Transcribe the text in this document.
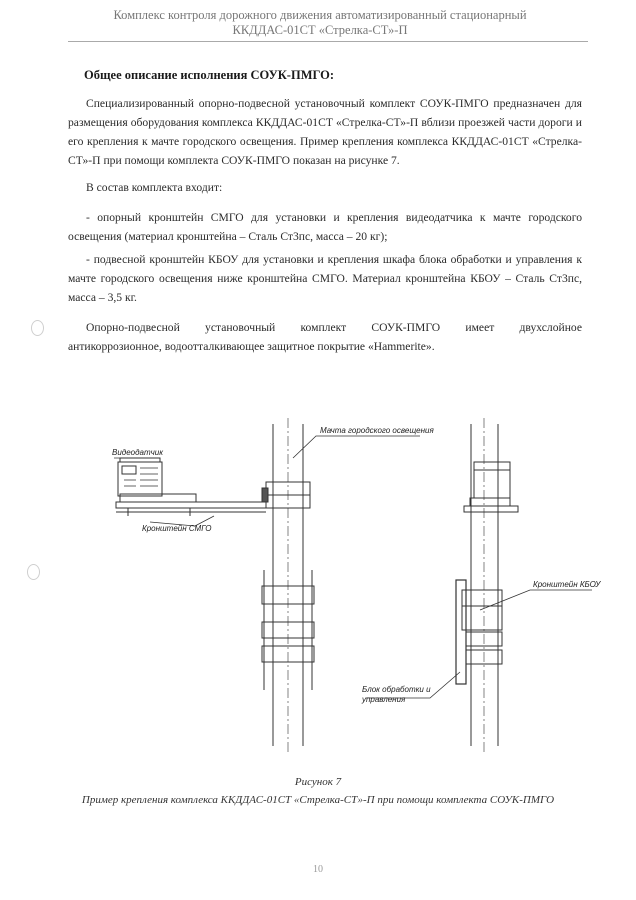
Комплекс контроля дорожного движения автоматизированный стационарный
ККДДАС-01СТ «Стрелка-СТ»-П
Общее описание исполнения СОУК-ПМГО:
Специализированный опорно-подвесной установочный комплект СОУК-ПМГО предназначен для размещения оборудования комплекса ККДДАС-01СТ «Стрелка-СТ»-П вблизи проезжей части дороги и его крепления к мачте городского освещения. Пример крепления комплекса ККДДАС-01СТ «Стрелка-СТ»-П при помощи комплекта СОУК-ПМГО показан на рисунке 7.
В состав комплекта входит:
- опорный кронштейн СМГО для установки и крепления видеодатчика к мачте городского освещения (материал кронштейна – Сталь Ст3пс, масса – 20 кг);
- подвесной кронштейн КБОУ для установки и крепления шкафа блока обработки и управления к мачте городского освещения ниже кронштейна СМГО. Материал кронштейна КБОУ – Сталь Ст3пс, масса – 3,5 кг.
Опорно-подвесной установочный комплект СОУК-ПМГО имеет двухслойное
антикоррозионное, водоотталкивающее защитное покрытие «Hammerite».
Мачта городского освещения
Видеодатчик
Кронштейн СМГО
Кронштейн КБОУ
Блок обработки и
управления
Рисунок 7
Пример крепления комплекса ККДДАС-01СТ «Стрелка-СТ»-П при помощи комплекта СОУК-ПМГО
10
